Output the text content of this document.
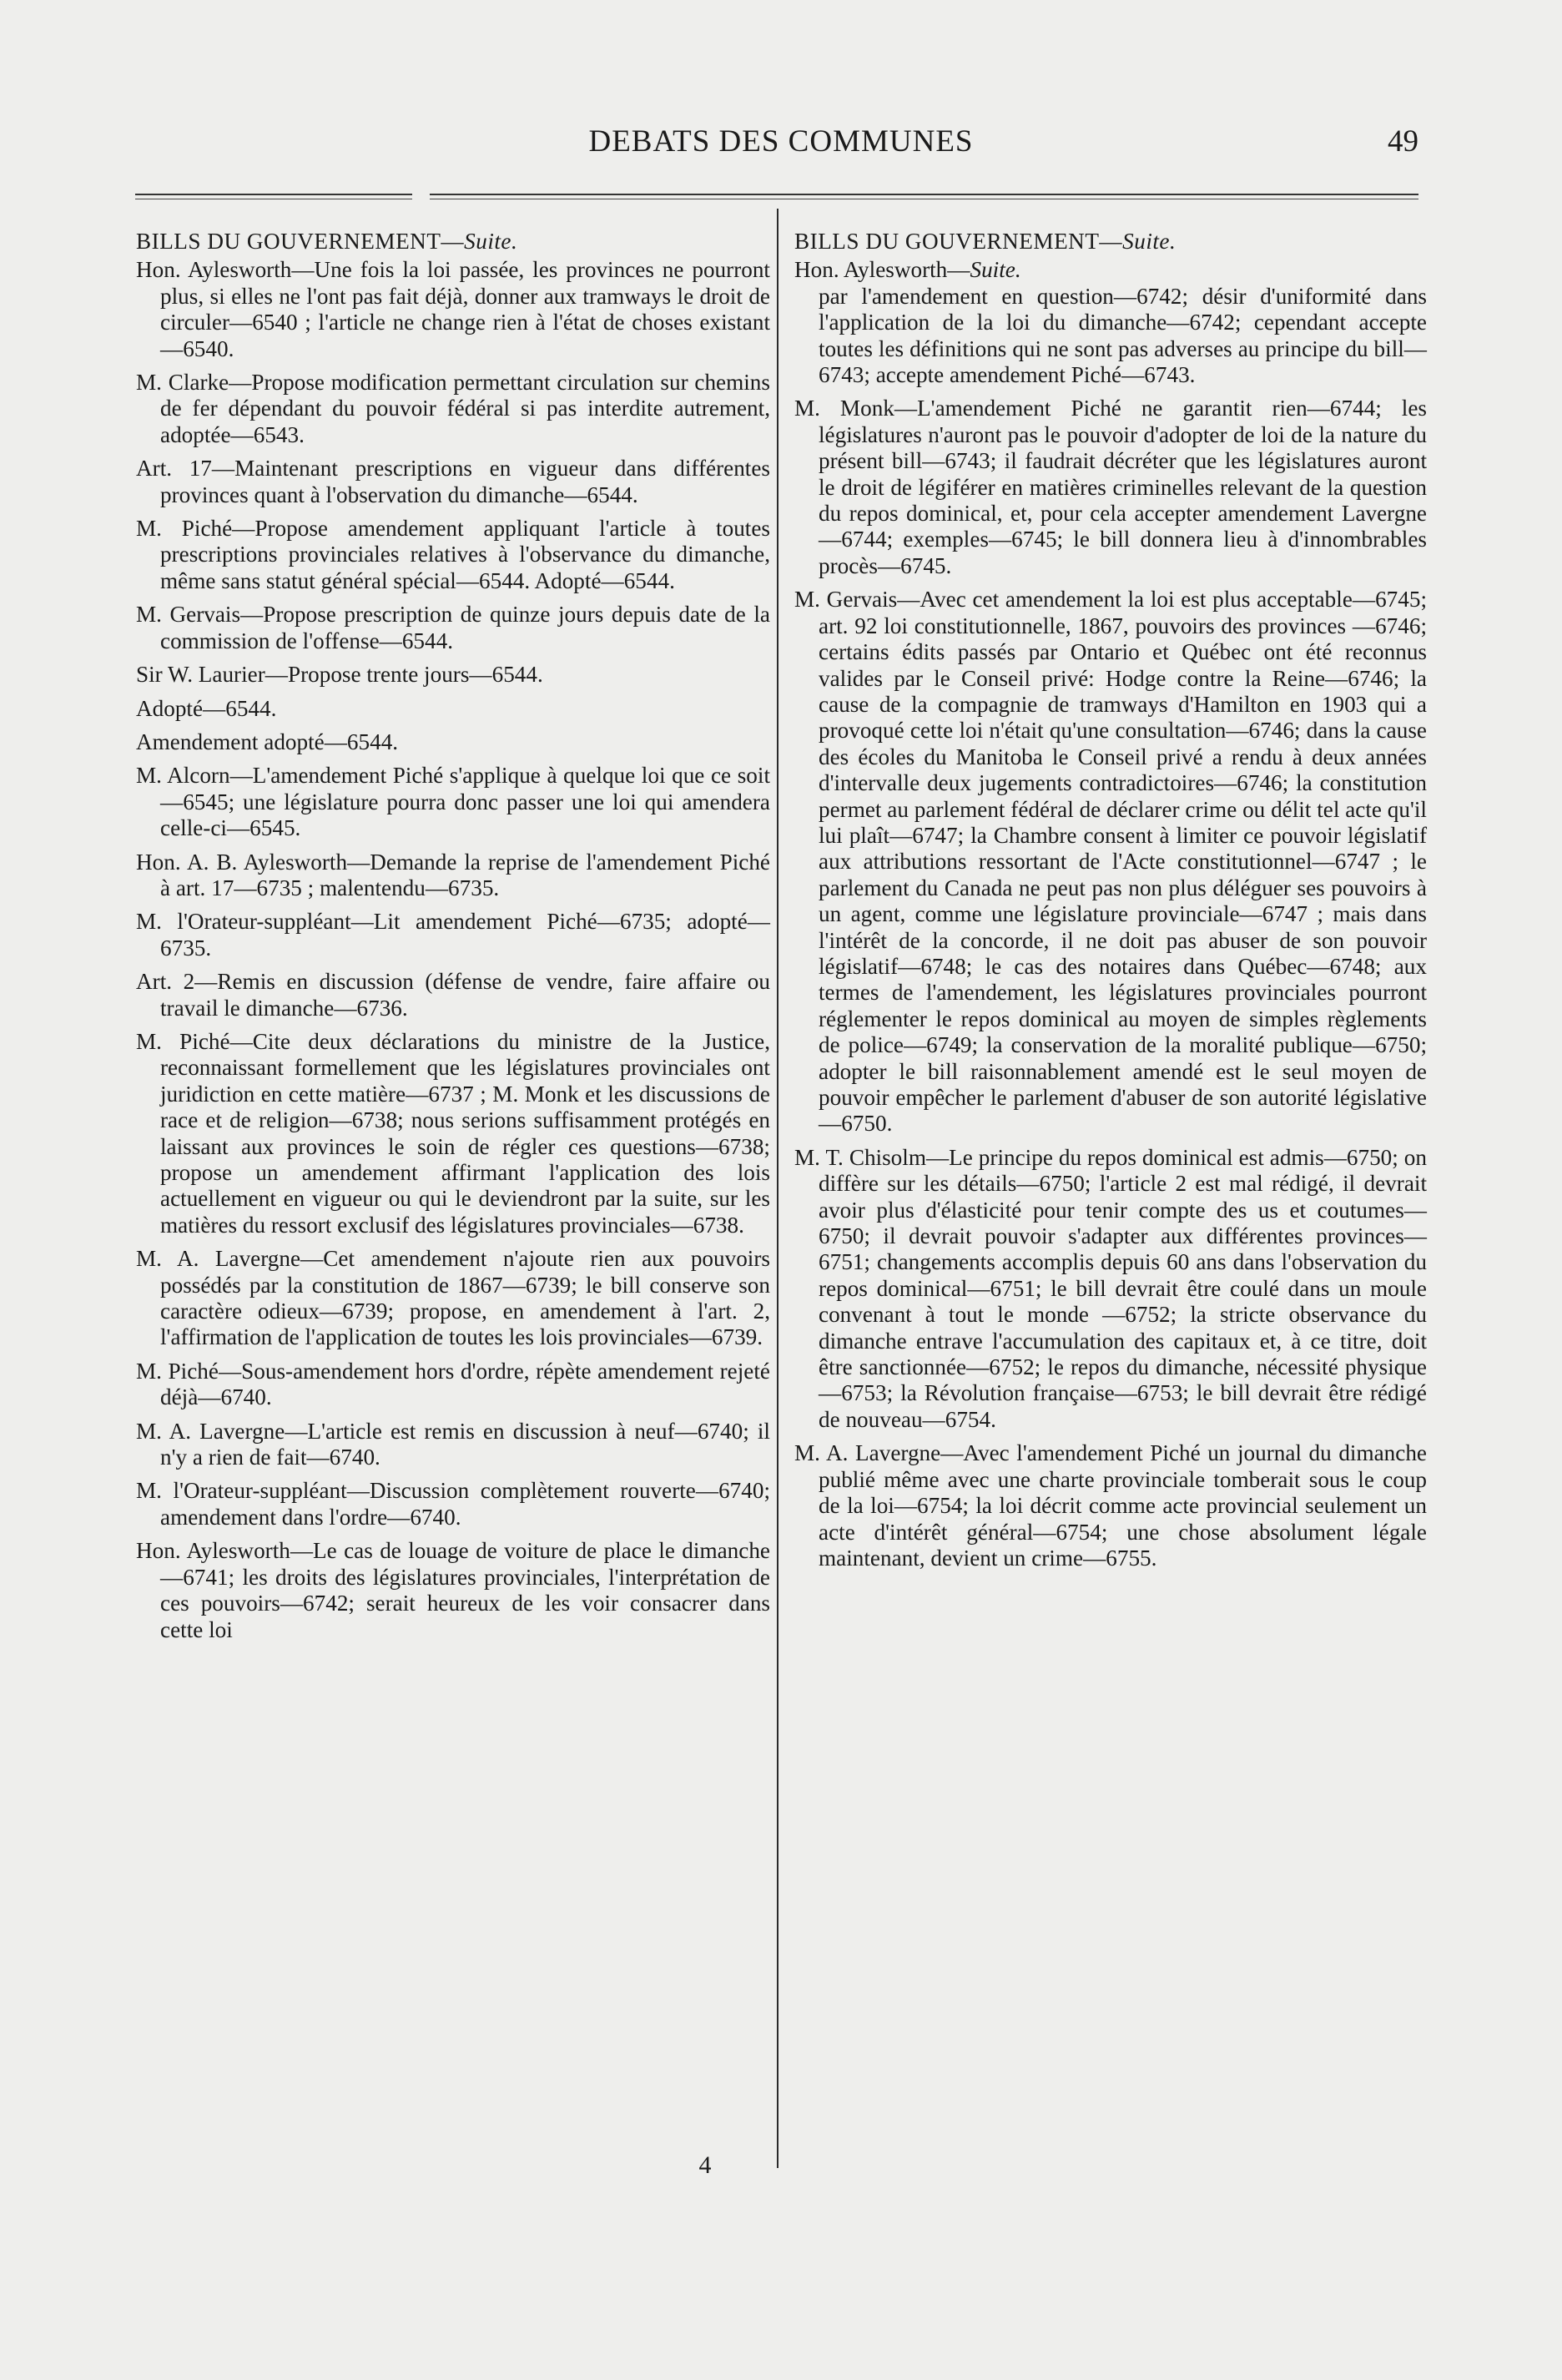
DEBATS DES COMMUNES	49

BILLS DU GOUVERNEMENT—Suite.

Hon. Aylesworth—Une fois la loi passée, les provinces ne pourront plus, si elles ne l'ont pas fait déjà, donner aux tramways le droit de circuler—6540 ; l'article ne change rien à l'état de choses existant—6540.

M. Clarke—Propose modification permettant circulation sur chemins de fer dépendant du pouvoir fédéral si pas interdite autrement, adoptée—6543.

Art. 17—Maintenant prescriptions en vigueur dans différentes provinces quant à l'observation du dimanche—6544.

M. Piché—Propose amendement appliquant l'article à toutes prescriptions provinciales relatives à l'observance du dimanche, même sans statut général spécial—6544. Adopté—6544.

M. Gervais—Propose prescription de quinze jours depuis date de la commission de l'offense—6544.

Sir W. Laurier—Propose trente jours—6544.

Adopté—6544.

Amendement adopté—6544.

M. Alcorn—L'amendement Piché s'applique à quelque loi que ce soit—6545; une législature pourra donc passer une loi qui amendera celle-ci—6545.

Hon. A. B. Aylesworth—Demande la reprise de l'amendement Piché à art. 17—6735 ; malentendu—6735.

M. l'Orateur-suppléant—Lit amendement Piché—6735; adopté—6735.

Art. 2—Remis en discussion (défense de vendre, faire affaire ou travail le dimanche—6736.

M. Piché—Cite deux déclarations du ministre de la Justice, reconnaissant formellement que les législatures provinciales ont juridiction en cette matière—6737 ; M. Monk et les discussions de race et de religion—6738; nous serions suffisamment protégés en laissant aux provinces le soin de régler ces questions—6738; propose un amendement affirmant l'application des lois actuellement en vigueur ou qui le deviendront par la suite, sur les matières du ressort exclusif des législatures provinciales—6738.

M. A. Lavergne—Cet amendement n'ajoute rien aux pouvoirs possédés par la constitution de 1867—6739; le bill conserve son caractère odieux—6739; propose, en amendement à l'art. 2, l'affirmation de l'application de toutes les lois provinciales—6739.

M. Piché—Sous-amendement hors d'ordre, répète amendement rejeté déjà—6740.

M. A. Lavergne—L'article est remis en discussion à neuf—6740; il n'y a rien de fait—6740.

M. l'Orateur-suppléant—Discussion complètement rouverte—6740; amendement dans l'ordre—6740.

Hon. Aylesworth—Le cas de louage de voiture de place le dimanche—6741; les droits des législatures provinciales, l'interprétation de ces pouvoirs—6742; serait heureux de les voir consacrer dans cette loi

BILLS DU GOUVERNEMENT—Suite.

Hon. Aylesworth—Suite.
par l'amendement en question—6742; désir d'uniformité dans l'application de la loi du dimanche—6742; cependant accepte toutes les définitions qui ne sont pas adverses au principe du bill—6743; accepte amendement Piché—6743.

M. Monk—L'amendement Piché ne garantit rien—6744; les législatures n'auront pas le pouvoir d'adopter de loi de la nature du présent bill—6743; il faudrait décréter que les législatures auront le droit de légiférer en matières criminelles relevant de la question du repos dominical, et, pour cela accepter amendement Lavergne—6744; exemples—6745; le bill donnera lieu à d'innombrables procès—6745.

M. Gervais—Avec cet amendement la loi est plus acceptable—6745; art. 92 loi constitutionnelle, 1867, pouvoirs des provinces —6746; certains édits passés par Ontario et Québec ont été reconnus valides par le Conseil privé: Hodge contre la Reine—6746; la cause de la compagnie de tramways d'Hamilton en 1903 qui a provoqué cette loi n'était qu'une consultation—6746; dans la cause des écoles du Manitoba le Conseil privé a rendu à deux années d'intervalle deux jugements contradictoires—6746; la constitution permet au parlement fédéral de déclarer crime ou délit tel acte qu'il lui plaît—6747; la Chambre consent à limiter ce pouvoir législatif aux attributions ressortant de l'Acte constitutionnel—6747 ; le parlement du Canada ne peut pas non plus déléguer ses pouvoirs à un agent, comme une législature provinciale—6747 ; mais dans l'intérêt de la concorde, il ne doit pas abuser de son pouvoir législatif—6748; le cas des notaires dans Québec—6748; aux termes de l'amendement, les législatures provinciales pourront réglementer le repos dominical au moyen de simples règlements de police—6749; la conservation de la moralité publique—6750; adopter le bill raisonnablement amendé est le seul moyen de pouvoir empêcher le parlement d'abuser de son autorité législative —6750.

M. T. Chisolm—Le principe du repos dominical est admis—6750; on diffère sur les détails—6750; l'article 2 est mal rédigé, il devrait avoir plus d'élasticité pour tenir compte des us et coutumes—6750; il devrait pouvoir s'adapter aux différentes provinces—6751; changements accomplis depuis 60 ans dans l'observation du repos dominical—6751; le bill devrait être coulé dans un moule convenant à tout le monde —6752; la stricte observance du dimanche entrave l'accumulation des capitaux et, à ce titre, doit être sanctionnée—6752; le repos du dimanche, nécessité physique—6753; la Révolution française—6753; le bill devrait être rédigé de nouveau—6754.

M. A. Lavergne—Avec l'amendement Piché un journal du dimanche publié même avec une charte provinciale tomberait sous le coup de la loi—6754; la loi décrit comme acte provincial seulement un acte d'intérêt général—6754; une chose absolument légale maintenant, devient un crime—6755.

4
